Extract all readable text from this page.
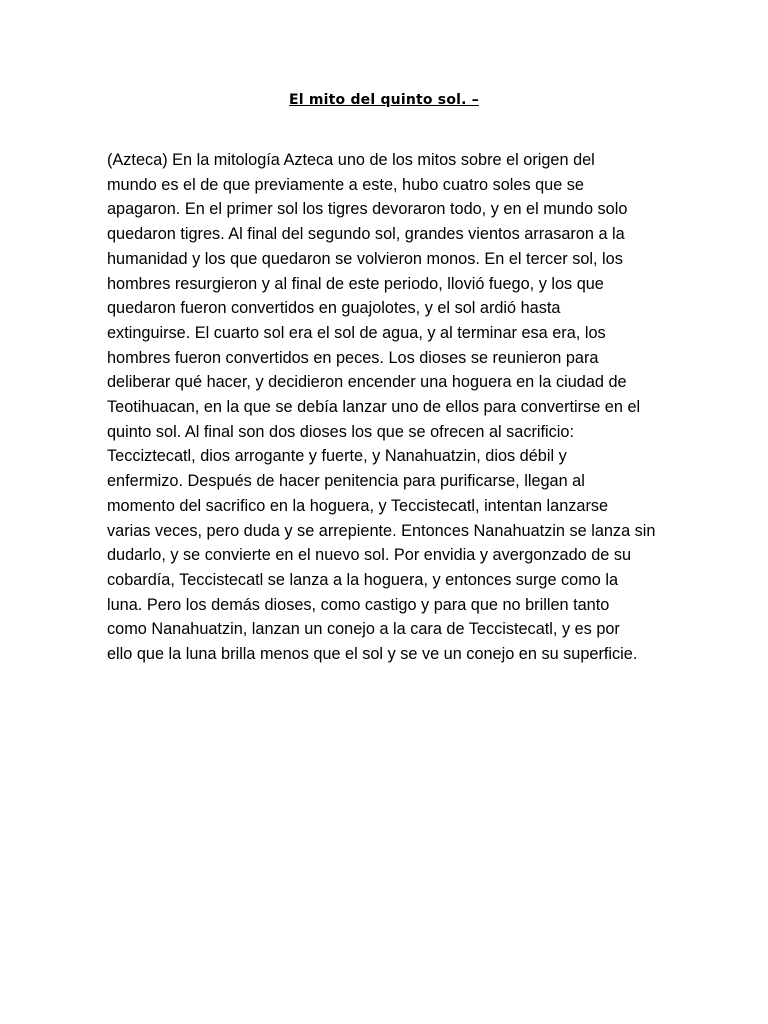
El mito del quinto sol. –

(Azteca) En la mitología Azteca uno de los mitos sobre el origen del
mundo es el de que previamente a este, hubo cuatro soles que se
apagaron. En el primer sol los tigres devoraron todo, y en el mundo solo
quedaron tigres. Al final del segundo sol, grandes vientos arrasaron a la
humanidad y los que quedaron se volvieron monos. En el tercer sol, los
hombres resurgieron y al final de este periodo, llovió fuego, y los que
quedaron fueron convertidos en guajolotes, y el sol ardió hasta
extinguirse. El cuarto sol era el sol de agua, y al terminar esa era, los
hombres fueron convertidos en peces. Los dioses se reunieron para
deliberar qué hacer, y decidieron encender una hoguera en la ciudad de
Teotihuacan, en la que se debía lanzar uno de ellos para convertirse en el
quinto sol. Al final son dos dioses los que se ofrecen al sacrificio:
Tecciztecatl, dios arrogante y fuerte, y Nanahuatzin, dios débil y
enfermizo. Después de hacer penitencia para purificarse, llegan al
momento del sacrifico en la hoguera, y Teccistecatl, intentan lanzarse
varias veces, pero duda y se arrepiente. Entonces Nanahuatzin se lanza sin
dudarlo, y se convierte en el nuevo sol. Por envidia y avergonzado de su
cobardía, Teccistecatl se lanza a la hoguera, y entonces surge como la
luna. Pero los demás dioses, como castigo y para que no brillen tanto
como Nanahuatzin, lanzan un conejo a la cara de Teccistecatl, y es por
ello que la luna brilla menos que el sol y se ve un conejo en su superficie.
